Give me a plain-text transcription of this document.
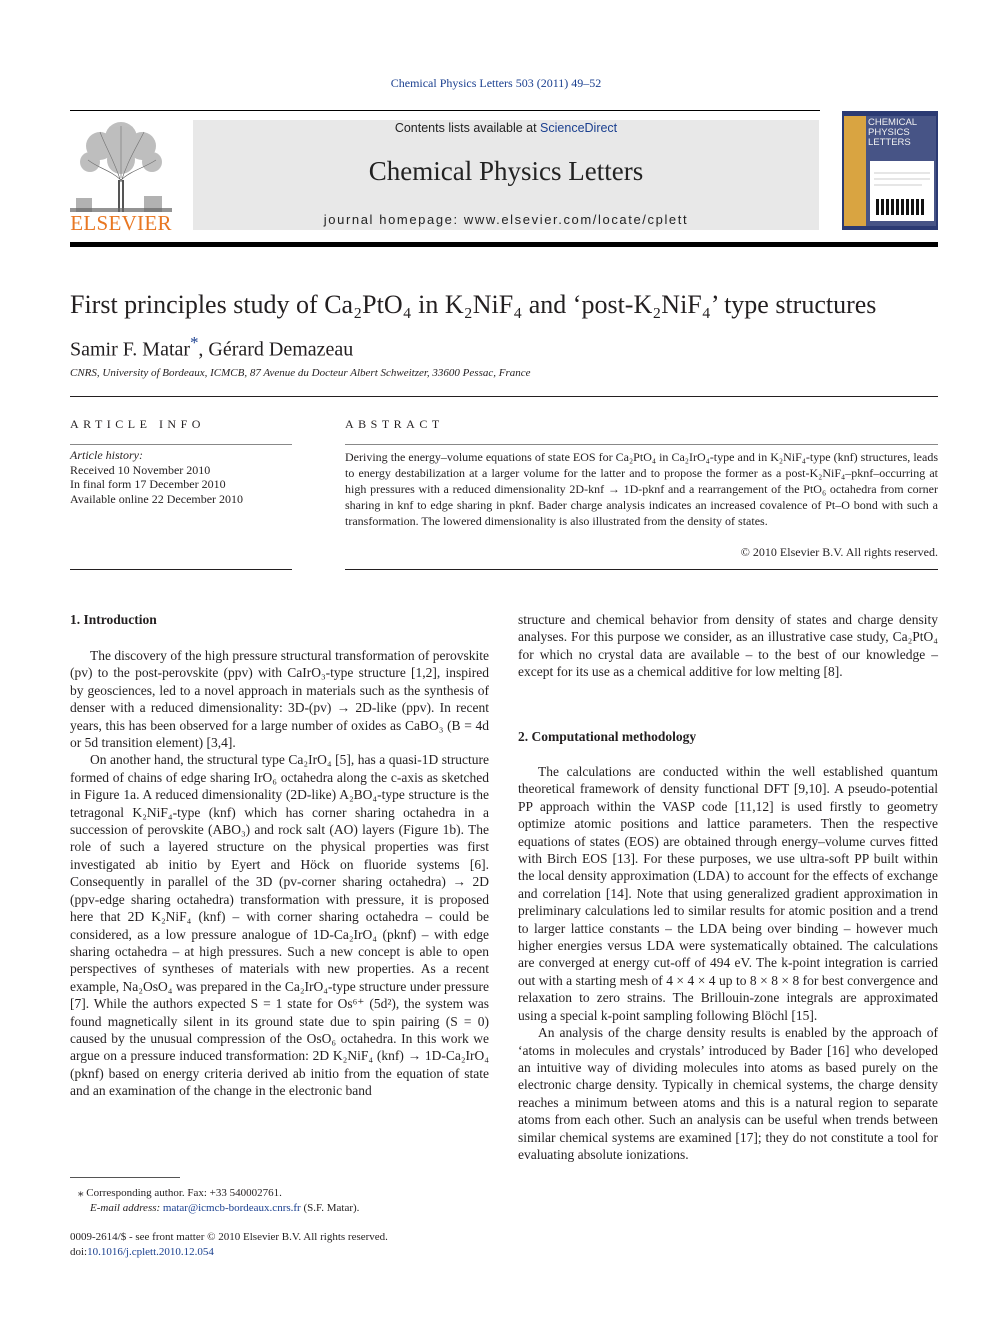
Chemical Physics Letters 503 (2011) 49–52
ELSEVIER
Contents lists available at ScienceDirect
Chemical Physics Letters
journal homepage: www.elsevier.com/locate/cplett
CHEMICAL PHYSICS LETTERS
First principles study of Ca₂PtO₄ in K₂NiF₄ and ‘post-K₂NiF₄’ type structures
Samir F. Matar*, Gérard Demazeau
CNRS, University of Bordeaux, ICMCB, 87 Avenue du Docteur Albert Schweitzer, 33600 Pessac, France
ARTICLE INFO
Article history:
Received 10 November 2010
In final form 17 December 2010
Available online 22 December 2010
ABSTRACT
Deriving the energy–volume equations of state EOS for Ca₂PtO₄ in Ca₂IrO₄-type and in K₂NiF₄-type (knf) structures, leads to energy destabilization at a larger volume for the latter and to propose the former as a post-K₂NiF₄–pknf–occurring at high pressures with a reduced dimensionality 2D-knf → 1D-pknf and a rearrangement of the PtO₆ octahedra from corner sharing in knf to edge sharing in pknf. Bader charge analysis indicates an increased covalence of Pt–O bond with such a transformation. The lowered dimensionality is also illustrated from the density of states.
© 2010 Elsevier B.V. All rights reserved.
1. Introduction

The discovery of the high pressure structural transformation of perovskite (pv) to the post-perovskite (ppv) with CaIrO₃-type structure [1,2], inspired by geosciences, led to a novel approach in materials such as the synthesis of denser with a reduced dimensionality: 3D-(pv) → 2D-like (ppv). In recent years, this has been observed for a large number of oxides as CaBO₃ (B = 4d or 5d transition element) [3,4].

On another hand, the structural type Ca₂IrO₄ [5], has a quasi-1D structure formed of chains of edge sharing IrO₆ octahedra along the c-axis as sketched in Figure 1a. A reduced dimensionality (2D-like) A₂BO₄-type structure is the tetragonal K₂NiF₄-type (knf) which has corner sharing octahedra in a succession of perovskite (ABO₃) and rock salt (AO) layers (Figure 1b). The role of such a layered structure on the physical properties was first investigated ab initio by Eyert and Höck on fluoride systems [6]. Consequently in parallel of the 3D (pv-corner sharing octahedra) → 2D (ppv-edge sharing octahedra) transformation with pressure, it is proposed here that 2D K₂NiF₄ (knf) – with corner sharing octahedra – could be considered, as a low pressure analogue of 1D-Ca₂IrO₄ (pknf) – with edge sharing octahedra – at high pressures. Such a new concept is able to open perspectives of syntheses of materials with new properties. As a recent example, Na₂OsO₄ was prepared in the Ca₂IrO₄-type structure under pressure [7]. While the authors expected S = 1 state for Os⁶⁺ (5d²), the system was found magnetically silent in its ground state due to spin pairing (S = 0) caused by the unusual compression of the OsO₆ octahedra. In this work we argue on a pressure induced transformation: 2D K₂NiF₄ (knf) → 1D-Ca₂IrO₄ (pknf) based on energy criteria derived ab initio from the equation of state and an examination of the change in the electronic band

structure and chemical behavior from density of states and charge density analyses. For this purpose we consider, as an illustrative case study, Ca₂PtO₄ for which no crystal data are available – to the best of our knowledge – except for its use as a chemical additive for low melting [8].

2. Computational methodology

The calculations are conducted within the well established quantum theoretical framework of density functional DFT [9,10]. A pseudo-potential PP approach within the VASP code [11,12] is used firstly to geometry optimize atomic positions and lattice parameters. Then the respective equations of states (EOS) are obtained through energy–volume curves fitted with Birch EOS [13]. For these purposes, we use ultra-soft PP built within the local density approximation (LDA) to account for the effects of exchange and correlation [14]. Note that using generalized gradient approximation in preliminary calculations led to similar results for atomic position and a trend to larger lattice constants – the LDA being over binding – however much higher energies versus LDA were systematically obtained. The calculations are converged at energy cut-off of 494 eV. The k-point integration is carried out with a starting mesh of 4 × 4 × 4 up to 8 × 8 × 8 for best convergence and relaxation to zero strains. The Brillouin-zone integrals are approximated using a special k-point sampling following Blöchl [15].

An analysis of the charge density results is enabled by the approach of ‘atoms in molecules and crystals’ introduced by Bader [16] who developed an intuitive way of dividing molecules into atoms as based purely on the electronic charge density. Typically in chemical systems, the charge density reaches a minimum between atoms and this is a natural region to separate atoms from each other. Such an analysis can be useful when trends between similar chemical systems are examined [17]; they do not constitute a tool for evaluating absolute ionizations.

⁎ Corresponding author. Fax: +33 540002761.
E-mail address: matar@icmcb-bordeaux.cnrs.fr (S.F. Matar).
0009-2614/$ - see front matter © 2010 Elsevier B.V. All rights reserved.
doi:10.1016/j.cplett.2010.12.054
